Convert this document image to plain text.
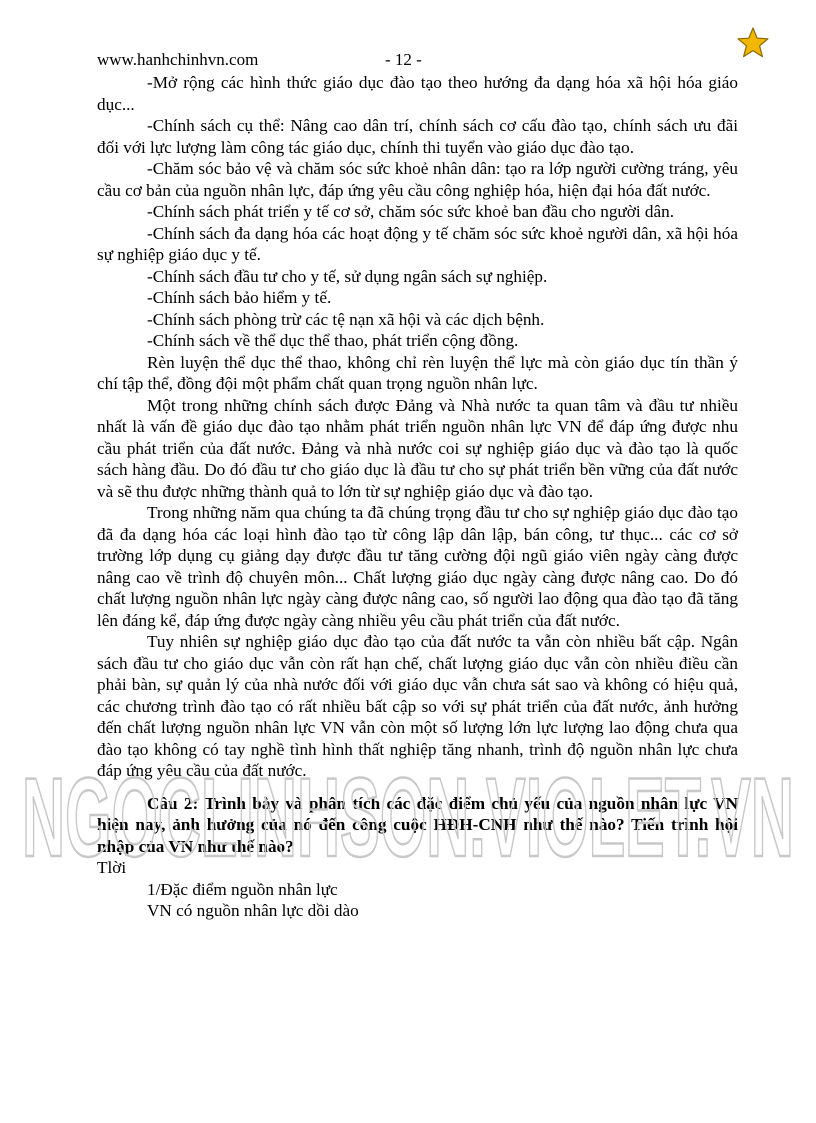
www.hanhchinhvn.com	- 12 -

-Mở rộng các hình thức giáo dục đào tạo theo hướng đa dạng hóa xã hội hóa giáo dục...

-Chính sách cụ thể: Nâng cao dân trí, chính sách cơ cấu đào tạo, chính sách ưu đãi đối với lực lượng làm công tác giáo dục, chính thi tuyển vào giáo dục đào tạo.

-Chăm sóc bảo vệ và chăm sóc sức khoẻ nhân dân: tạo ra lớp người cường tráng, yêu cầu cơ bản của nguồn nhân lực, đáp ứng yêu cầu công nghiệp hóa, hiện đại hóa đất nước.

-Chính sách phát triển y tế cơ sở, chăm sóc sức khoẻ ban đầu cho người dân.

-Chính sách đa dạng hóa các hoạt động y tế chăm sóc sức khoẻ người dân, xã hội hóa sự nghiệp giáo dục y tế.

-Chính sách đầu tư cho y tế, sử dụng ngân sách sự nghiệp.

-Chính sách bảo hiểm y tế.

-Chính sách phòng trừ các tệ nạn xã hội và các dịch bệnh.

-Chính sách về thể dục thể thao, phát triển cộng đồng.

Rèn luyện thể dục thể thao, không chỉ rèn luyện thể lực mà còn giáo dục tín thần ý chí tập thể, đồng đội một phẩm chất quan trọng nguồn nhân lực.

Một trong những chính sách được Đảng và Nhà nước ta quan tâm và đầu tư nhiều nhất là vấn đề giáo dục đào tạo nhằm phát triển nguồn nhân lực VN để đáp ứng được nhu cầu phát triển của đất nước. Đảng và nhà nước coi sự nghiệp giáo dục và đào tạo là quốc sách hàng đầu. Do đó đầu tư cho giáo dục là đầu tư cho sự phát triển bền vững của đất nước và sẽ thu được những thành quả to lớn từ sự nghiệp giáo dục và đào tạo.

Trong những năm qua chúng ta đã chúng trọng đầu tư cho sự nghiệp giáo dục đào tạo đã đa dạng hóa các loại hình đào tạo từ công lập dân lập, bán công, tư thục... các cơ sở trường lớp dụng cụ giảng dạy được đầu tư tăng cường đội ngũ giáo viên ngày càng được nâng cao về trình độ chuyên môn... Chất lượng giáo dục ngày càng được nâng cao. Do đó chất lượng nguồn nhân lực ngày càng được nâng cao, số người lao động qua đào tạo đã tăng lên đáng kể, đáp ứng được ngày càng nhiều yêu cầu phát triển của đất nước.

Tuy nhiên sự nghiệp giáo dục đào tạo của đất nước ta vẫn còn nhiều bất cập. Ngân sách đầu tư cho giáo dục vẫn còn rất hạn chế, chất lượng giáo dục vẫn còn nhiều điều cần phải bàn, sự quản lý của nhà nước đối với giáo dục vẫn chưa sát sao và không có hiệu quả, các chương trình đào tạo có rất nhiều bất cập so với sự phát triển của đất nước, ảnh hưởng đến chất lượng nguồn nhân lực VN vẫn còn một số lượng lớn lực lượng lao động chưa qua đào tạo không có tay nghề tình hình thất nghiệp tăng nhanh, trình độ nguồn nhân lực chưa đáp ứng yêu cầu của đất nước.

Câu 2: Trình bày và phân tích các đặc điểm chủ yếu của nguồn nhân lực VN hiện nay, ảnh hưởng của nó đến công cuộc HĐH-CNH như thế nào? Tiến trình hội nhập của VN như thế nào?

Tlời

1/Đặc điểm nguồn nhân lực

VN có nguồn nhân lực dồi dào

NGOCLINHSON.VIOLET.VN
